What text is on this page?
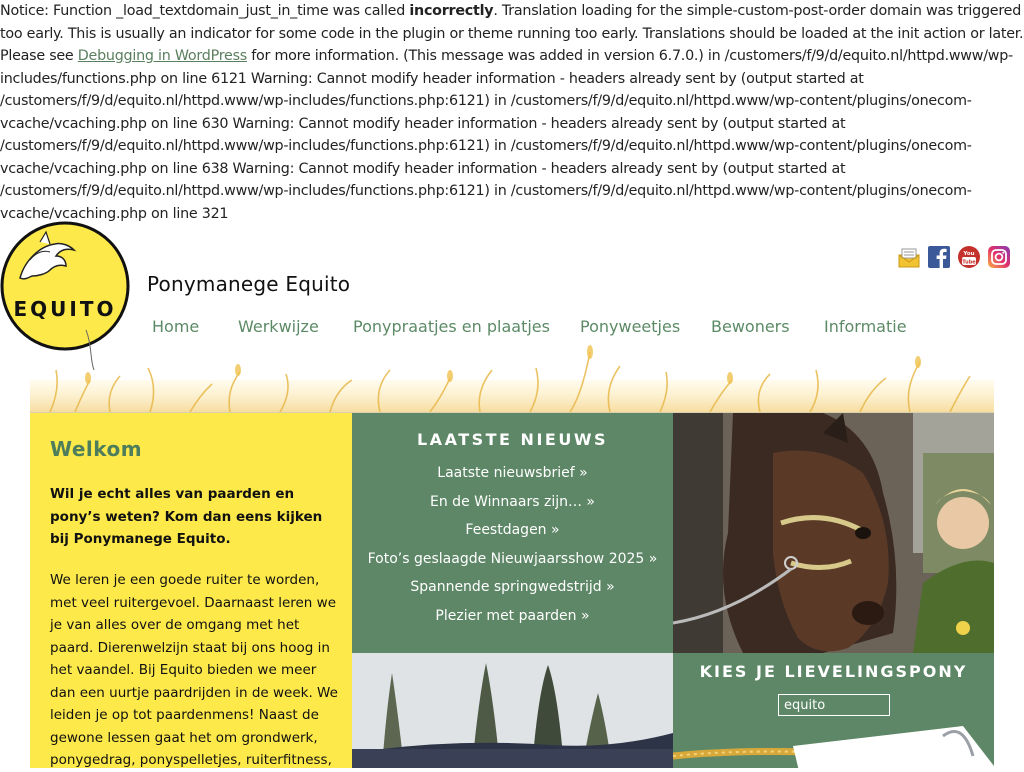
Notice: Function _load_textdomain_just_in_time was called incorrectly. Translation loading for the simple-custom-post-order domain was triggered too early. This is usually an indicator for some code in the plugin or theme running too early. Translations should be loaded at the init action or later. Please see Debugging in WordPress for more information. (This message was added in version 6.7.0.) in /customers/f/9/d/equito.nl/httpd.www/wp-includes/functions.php on line 6121 Warning: Cannot modify header information - headers already sent by (output started at /customers/f/9/d/equito.nl/httpd.www/wp-includes/functions.php:6121) in /customers/f/9/d/equito.nl/httpd.www/wp-content/plugins/onecom-vcache/vcaching.php on line 630 Warning: Cannot modify header information - headers already sent by (output started at /customers/f/9/d/equito.nl/httpd.www/wp-includes/functions.php:6121) in /customers/f/9/d/equito.nl/httpd.www/wp-content/plugins/onecom-vcache/vcaching.php on line 638 Warning: Cannot modify header information - headers already sent by (output started at /customers/f/9/d/equito.nl/httpd.www/wp-includes/functions.php:6121) in /customers/f/9/d/equito.nl/httpd.www/wp-content/plugins/onecom-vcache/vcaching.php on line 321
EQUITO
Ponymanege Equito
You
Tube
Home Werkwijze Ponypraatjes en plaatjes Ponyweetjes Bewoners Informatie
Welkom

Wil je echt alles van paarden en pony’s weten? Kom dan eens kijken bij Ponymanege Equito.

We leren je een goede ruiter te worden, met veel ruitergevoel. Daarnaast leren we je van alles over de omgang met het paard. Dierenwelzijn staat bij ons hoog in het vaandel. Bij Equito bieden we meer dan een uurtje paardrijden in de week. We leiden je op tot paardenmens! Naast de gewone lessen gaat het om grondwerk, ponygedrag, ponyspelletjes, ruiterfitness,

LAATSTE NIEUWS
Laatste nieuwsbrief »
En de Winnaars zijn… »
Feestdagen »
Foto’s geslaagde Nieuwjaarsshow 2025 »
Spannende springwedstrijd »
Plezier met paarden »
KIES JE LIEVELINGSPONY
equito
